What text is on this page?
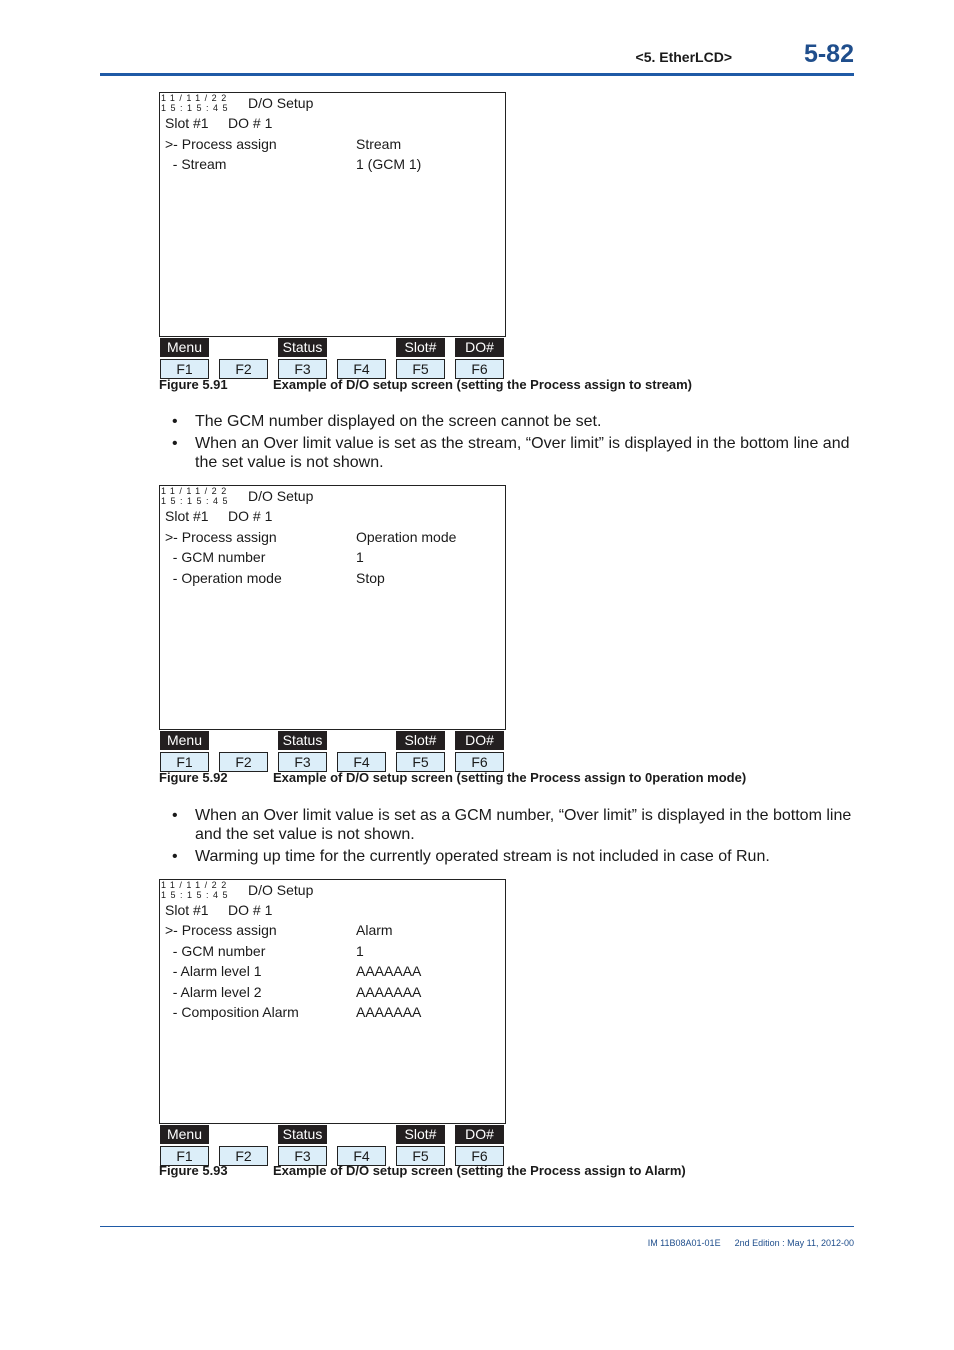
<5. EtherLCD>	5-82
11/11/22
15:15:45 D/O Setup
Slot #1 DO # 1
>- Process assign	Stream
- Stream	1 (GCM 1)
Menu	Status	Slot#	DO#
F1	F2	F3	F4	F5	F6
Figure 5.91	Example of D/O setup screen (setting the Process assign to stream)
• The GCM number displayed on the screen cannot be set.
• When an Over limit value is set as the stream, “Over limit” is displayed in the bottom line and the set value is not shown.
11/11/22
15:15:45 D/O Setup
Slot #1 DO # 1
>- Process assign	Operation mode
- GCM number	1
- Operation mode	Stop
Menu	Status	Slot#	DO#
F1	F2	F3	F4	F5	F6
Figure 5.92	Example of D/O setup screen (setting the Process assign to 0peration mode)
• When an Over limit value is set as a GCM number, “Over limit” is displayed in the bottom line and the set value is not shown.
• Warming up time for the currently operated stream is not included in case of Run.
11/11/22
15:15:45 D/O Setup
Slot #1 DO # 1
>- Process assign	Alarm
- GCM number	1
- Alarm level 1	AAAAAAA
- Alarm level 2	AAAAAAA
- Composition Alarm	AAAAAAA
Menu	Status	Slot#	DO#
F1	F2	F3	F4	F5	F6
Figure 5.93	Example of D/O setup screen (setting the Process assign to Alarm)
IM 11B08A01-01E 2nd Edition : May 11, 2012-00
